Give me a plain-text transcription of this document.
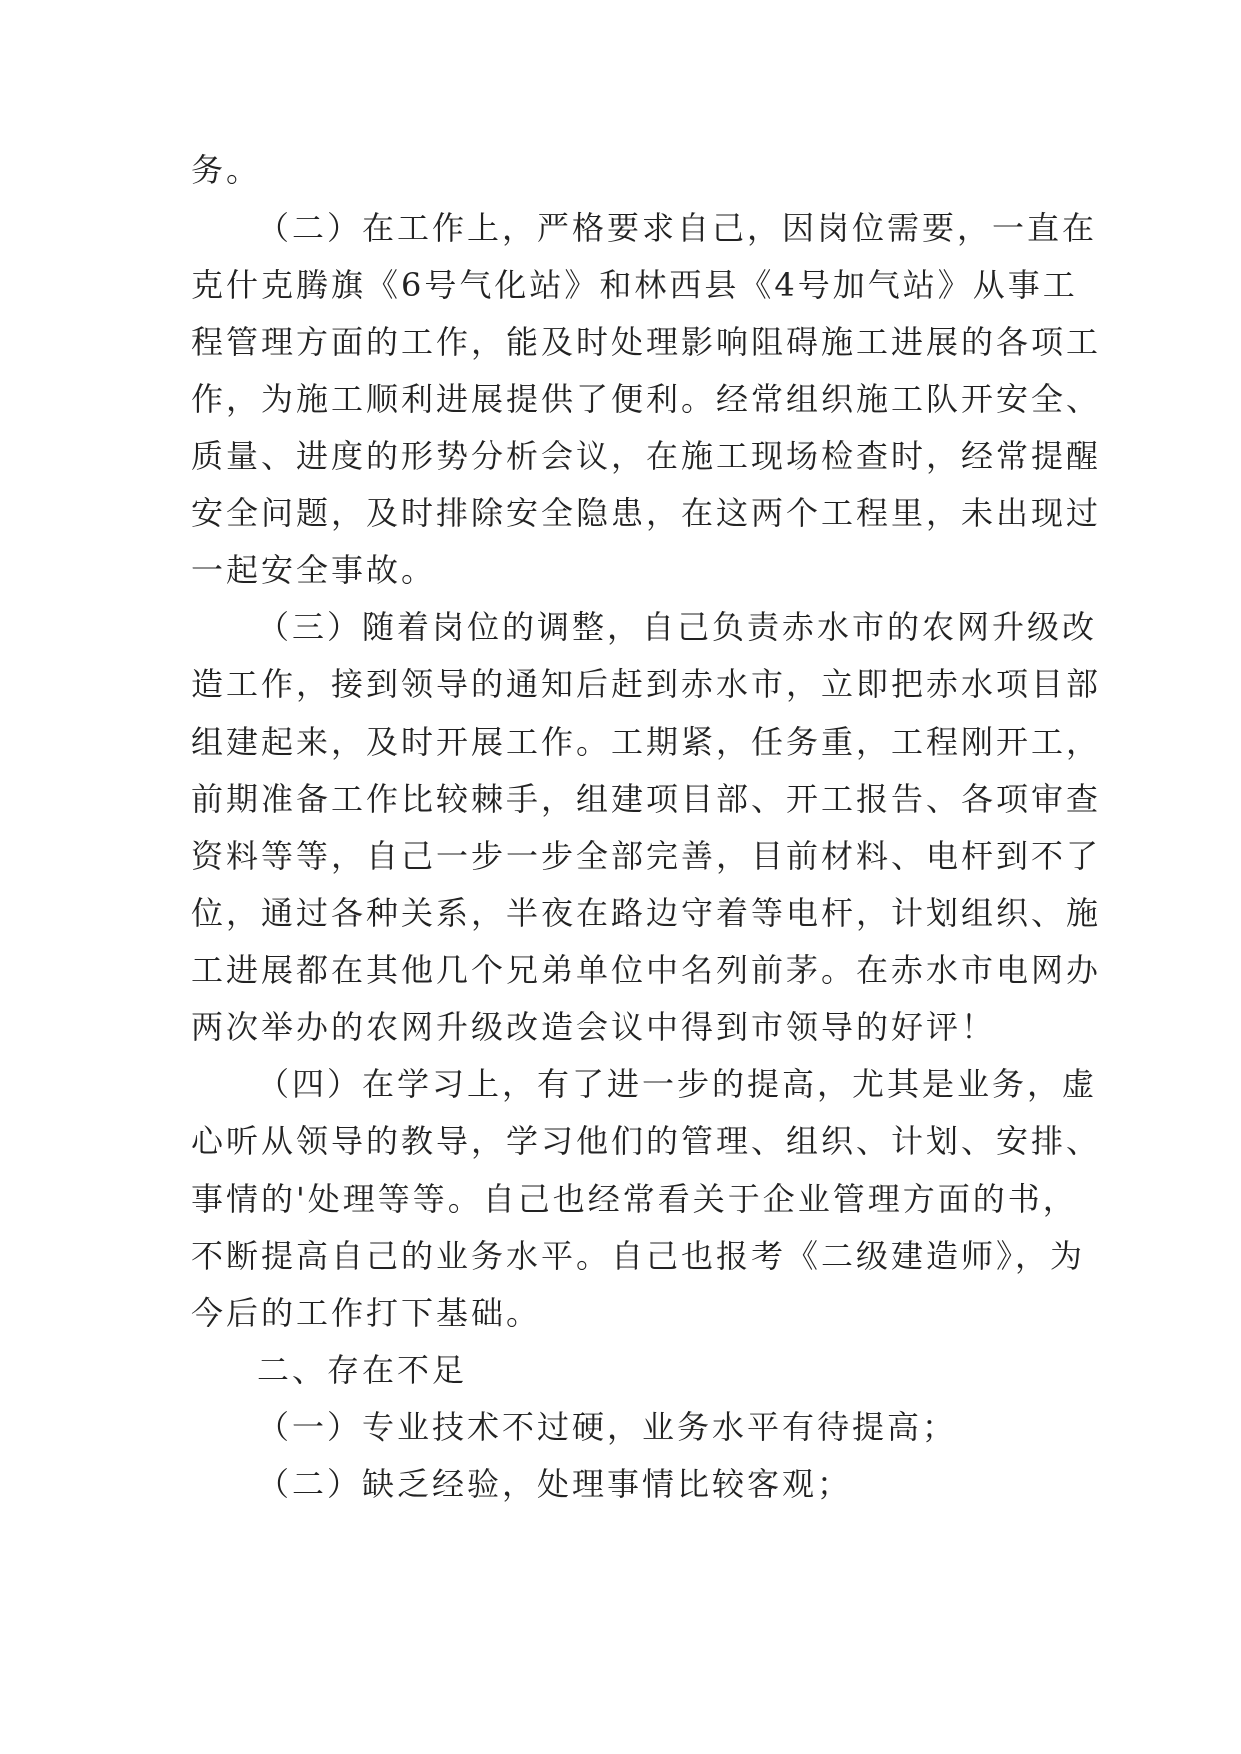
务。
（二）在工作上，严格要求自己，因岗位需要，一直在
克什克腾旗《6号气化站》和林西县《4号加气站》从事工
程管理方面的工作，能及时处理影响阻碍施工进展的各项工
作，为施工顺利进展提供了便利。经常组织施工队开安全、
质量、进度的形势分析会议，在施工现场检查时，经常提醒
安全问题，及时排除安全隐患，在这两个工程里，未出现过
一起安全事故。
（三）随着岗位的调整，自己负责赤水市的农网升级改
造工作，接到领导的通知后赶到赤水市，立即把赤水项目部
组建起来，及时开展工作。工期紧，任务重，工程刚开工，
前期准备工作比较棘手，组建项目部、开工报告、各项审查
资料等等，自己一步一步全部完善，目前材料、电杆到不了
位，通过各种关系，半夜在路边守着等电杆，计划组织、施
工进展都在其他几个兄弟单位中名列前茅。在赤水市电网办
两次举办的农网升级改造会议中得到市领导的好评！
（四）在学习上，有了进一步的提高，尤其是业务，虚
心听从领导的教导，学习他们的管理、组织、计划、安排、
事情的'处理等等。自己也经常看关于企业管理方面的书，
不断提高自己的业务水平。自己也报考《二级建造师》，为
今后的工作打下基础。
二、存在不足
（一）专业技术不过硬，业务水平有待提高；
（二）缺乏经验，处理事情比较客观；
